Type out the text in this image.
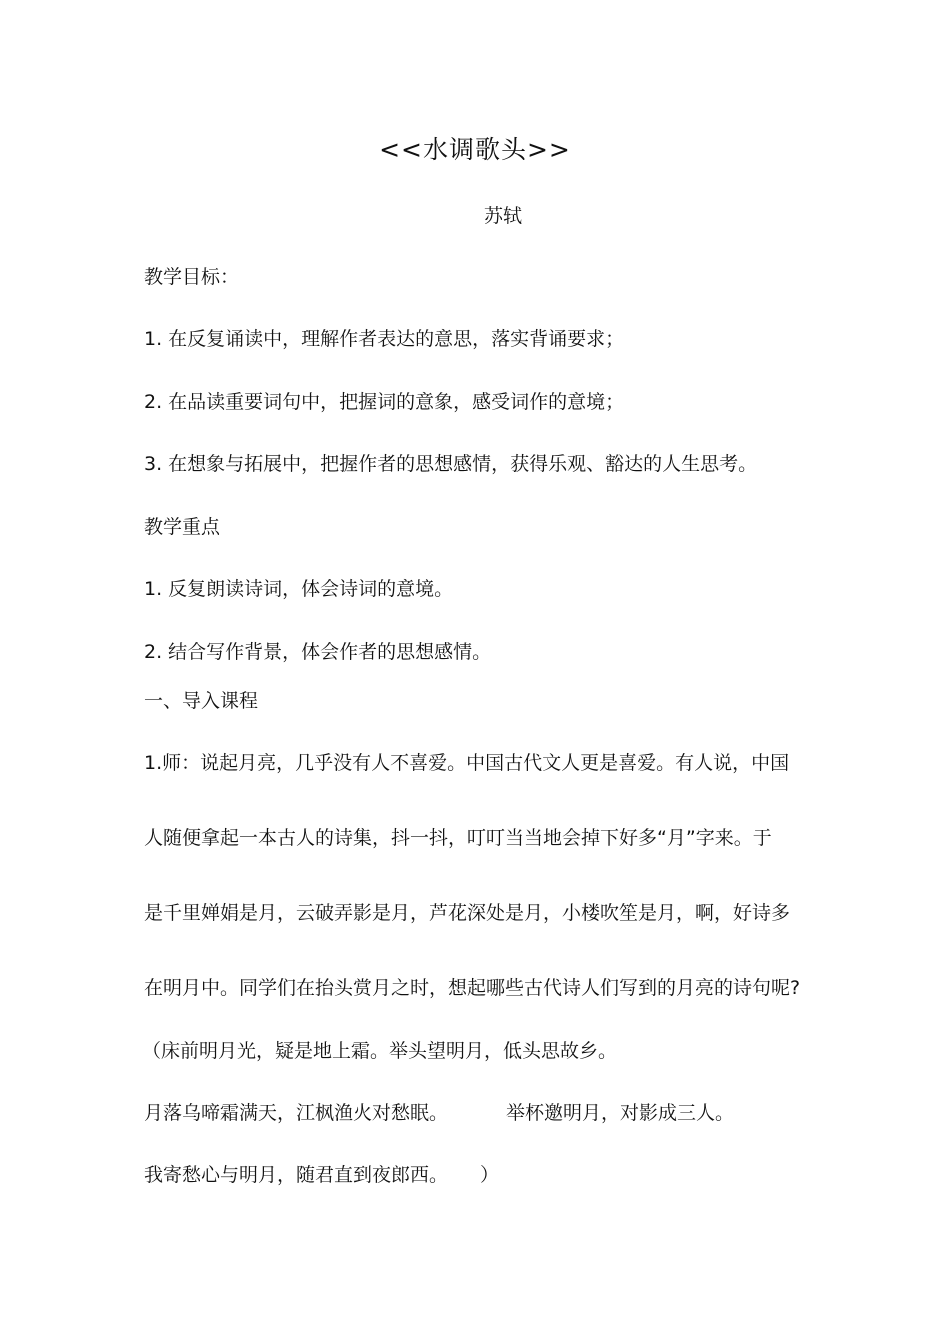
<<水调歌头>>
苏轼
教学目标：
1. 在反复诵读中，理解作者表达的意思，落实背诵要求；
2. 在品读重要词句中，把握词的意象，感受词作的意境；
3. 在想象与拓展中，把握作者的思想感情，获得乐观、豁达的人生思考。
教学重点
1. 反复朗读诗词，体会诗词的意境。
2. 结合写作背景，体会作者的思想感情。
一、导入课程
1.师：说起月亮，几乎没有人不喜爱。中国古代文人更是喜爱。有人说，中国
人随便拿起一本古人的诗集，抖一抖，叮叮当当地会掉下好多“月”字来。于
是千里婵娟是月，云破弄影是月，芦花深处是月，小楼吹笙是月，啊，好诗多
在明月中。同学们在抬头赏月之时，想起哪些古代诗人们写到的月亮的诗句呢?
（床前明月光，疑是地上霜。举头望明月，低头思故乡。
月落乌啼霜满天，江枫渔火对愁眠。	举杯邀明月，对影成三人。
我寄愁心与明月，随君直到夜郎西。 ）
